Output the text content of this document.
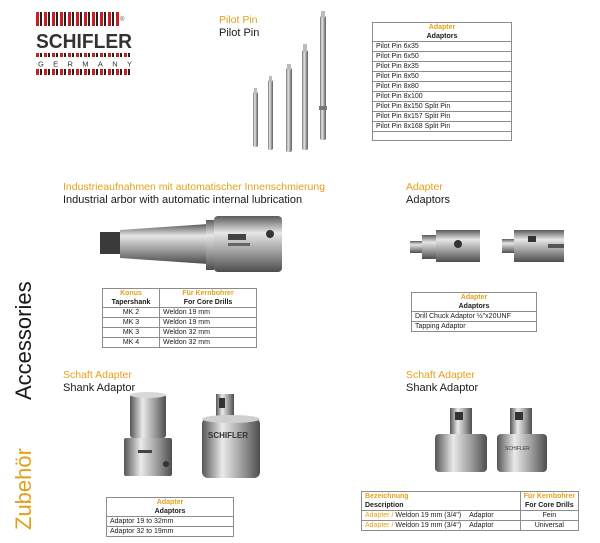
®
SCHIFLER
GERMANY
Zubehör
Accessories
Pilot Pin
Pilot Pin	Adapter
Adaptors

Pilot Pin 6x35
Pilot Pin 6x50
Pilot Pin 8x35
Pilot Pin 8x50
Pilot Pin 8x80
Pilot Pin 8x100
Pilot Pin 8x150 Split Pin
Pilot Pin 8x157 Split Pin
Pilot Pin 8x168 Split Pin

Industrieaufnahmen mit automatischer Innenschmierung
Industrial arbor with automatic internal lubrication
Konus
Tapershank	Für Kernbohrer
For Core Drills

MK 2	Weldon 19 mm
MK 3	Weldon 19 mm
MK 3	Weldon 32 mm
MK 4	Weldon 32 mm
Adapter
Adaptors
Adapter
Adaptors

Drill Chuck Adaptor ½"x20UNF
Tapping Adaptor
Schaft Adapter
Shank Adaptor
SCHIFLER
Adapter
Adaptors

Adaptor 19 to 32mm
Adaptor 32 to 19mm
Schaft Adapter
Shank Adaptor
SCHIFLER
Bezeichnung
Description	Für Kernbohrer
For Core Drills

Adapter / Weldon 19 mm (3/4") Adaptor	Fein
Adapter / Weldon 19 mm (3/4") Adaptor	Universal
